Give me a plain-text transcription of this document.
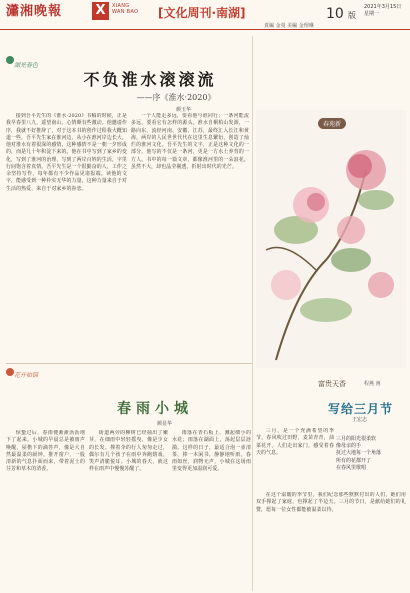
瀟湘晚報	X	XIANG
WAN BAO	[文化周刊·南湖]	10 版
2021年3月15日
星期一
責編 金曼 美編 金理琳
湖光春色
不负淮水滚滚流
——序《淮水·2020》
颜玉华

接到吾平先生的《淮水·2020》书稿的时候，正是我早春里八九，遥望南山，心情颇有些激动。他邀请作序，我就不好推辞了，对于这本书的创作过程我大概知道一些，吾平先生家在淮河边，从小在淮河岸边长大，他对淮水有着很深的感情，这种感情不是一朝一夕形成的，而是几十年积淀下来的。他在书中写到了家乡的变化，写到了淮河的治理，写到了两岸百姓的生活，字里行间饱含着真情。吾平先生是一个很勤奋的人，工作之余坚持写作，每年都有不少作品见诸报端。读他的文字，能感受到一种朴实无华的力量，这种力量来自于对生活的热爱，来自于对家乡的眷恋。

一个人能走多远，要看他与谁同行；一条河能流多远，要看它有怎样的源头。淮水自桐柏山发源，一路向东，流经河南、安徽、江苏，最终汇入长江和黄海。两岸的人民世世代代在这里生息繁衍，创造了灿烂的淮河文化。吾平先生的文字，正是这种文化的一部分。他写的不仅是一条河，更是一方水土养育的一方人。书中的每一篇文章，都像淮河里的一朵浪花，虽然不大，却也晶莹剔透，折射出时代的光芒。

春苑新
富贵天香	程燕 画
花开如锦
春雨小城
颜显华

惊蛰过后，春雨便淅淅沥沥地下了起来。小城的早晨总是被雨声唤醒，屋檐下的滴答声，像是大自然最温柔的闹钟。推开窗户，一股清新的气息扑面而来，带着泥土的芬芳和草木的清香。

街道两旁的柳树已经抽出了嫩芽，在细雨中轻轻摇曳，像是少女的长发。撑着伞的行人匆匆走过，偶尔有几个孩子在雨中奔跑嬉戏，笑声清脆悦耳。小城的春天，就这样在雨声中慢慢苏醒了。

雨落在青石板上，溅起细小的水花；雨落在湖面上，荡起层层涟漪。这样的日子，最适合泡一壶清茶，捧一本闲书，静静地听雨。春雨如丝，润物无声，小城在这场雨里变得更加温润可爱。

写给三月节
王宏志
三月的阳光很柔软
像母亲的手
抚过大地每一个角落
所有的花都开了
在春风里歌唱

三月，是一个充满希望的季节。春风吹过田野，麦苗青青，油菜花开。人们走出家门，感受着春天的气息。

在这个温暖的季节里，我们纪念那些默默付出的人们，她们用双手撑起了家庭，也撑起了半边天。三月的节日，是献给她们的礼赞，愿每一位女性都能被温柔以待。
